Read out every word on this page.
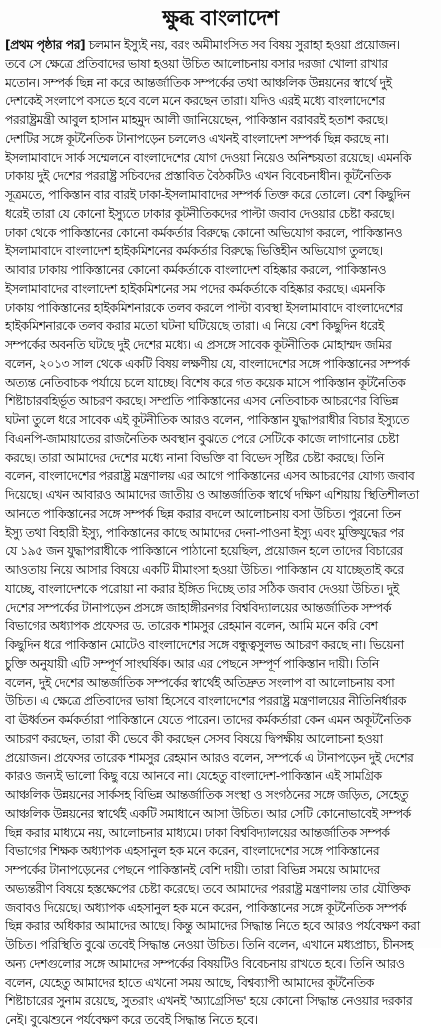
ক্ষুব্ধ বাংলাদেশ
[প্রথম পৃষ্ঠার পর] চলমান ইস্যুই নয়, বরং অমীমাংসিত সব বিষয় সুরাহা হওয়া প্রয়োজন।
তবে সে ক্ষেত্রে প্রতিবাদের ভাষা হওয়া উচিত আলোচনায় বসার দরজা খোলা রাখার
মতোন। সম্পর্ক ছিন্ন না করে আন্তর্জাতিক সম্পর্কের তথা আঞ্চলিক উন্নয়নের স্বার্থে দুই
দেশকেই সংলাপে বসতে হবে বলে মনে করছেন তারা। যদিও এরই মধ্যে বাংলাদেশের
পররাষ্ট্রমন্ত্রী আবুল হাসান মাহমুদ আলী জানিয়েছেন, পাকিস্তান বরাবরই হতাশ করছে।
দেশটির সঙ্গে কূটনৈতিক টানাপড়েন চললেও এখনই বাংলাদেশ সম্পর্ক ছিন্ন করছে না।
ইসলামাবাদে সার্ক সম্মেলনে বাংলাদেশের যোগ দেওয়া নিয়েও অনিশ্চয়তা রয়েছে। এমনকি
ঢাকায় দুই দেশের পররাষ্ট্র সচিবদের প্রস্তাবিত বৈঠকটিও এখন বিবেচনাধীন। কূটনৈতিক
সূত্রমতে, পাকিস্তান বার বারই ঢাকা-ইসলামাবাদের সম্পর্ক তিক্ত করে তোলে। বেশ কিছুদিন
ধরেই তারা যে কোনো ইস্যুতে ঢাকার কূটনীতিকদের পাল্টা জবাব দেওয়ার চেষ্টা করছে।
ঢাকা থেকে পাকিস্তানের কোনো কর্মকর্তার বিরুদ্ধে কোনো অভিযোগ করলে, পাকিস্তানও
ইসলামাবাদে বাংলাদেশ হাইকমিশনের কর্মকর্তার বিরুদ্ধে ভিত্তিহীন অভিযোগ তুলছে।
আবার ঢাকায় পাকিস্তানের কোনো কর্মকর্তাকে বাংলাদেশ বহিষ্কার করলে, পাকিস্তানও
ইসলামাবাদের বাংলাদেশ হাইকমিশনের সম পদের কর্মকর্তাকে বহিষ্কার করছে। এমনকি
ঢাকায় পাকিস্তানের হাইকমিশনারকে তলব করলে পাল্টা ব্যবস্থা ইসলামাবাদে বাংলাদেশের
হাইকমিশনারকে তলব করার মতো ঘটনা ঘটিয়েছে তারা। এ নিয়ে বেশ কিছুদিন ধরেই
সম্পর্কের অবনতি ঘটছে দুই দেশের মধ্যে। এ প্রসঙ্গে সাবেক কূটনীতিক মোহাম্মদ জমির
বলেন, ২০১৩ সাল থেকে একটি বিষয় লক্ষণীয় যে, বাংলাদেশের সঙ্গে পাকিস্তানের সম্পর্ক
অত্যন্ত নেতিবাচক পর্যায়ে চলে যাচ্ছে। বিশেষ করে গত কয়েক মাসে পাকিস্তান কূটনৈতিক
শিষ্টাচারবহির্ভূত আচরণ করছে। সম্প্রতি পাকিস্তানের এসব নেতিবাচক আচরণের বিভিন্ন
ঘটনা তুলে ধরে সাবেক এই কূটনীতিক আরও বলেন, পাকিস্তান যুদ্ধাপরাধীর বিচার ইস্যুতে
বিএনপি-জামায়াতের রাজনৈতিক অবস্থান বুঝতে পেরে সেটিকে কাজে লাগানোর চেষ্টা
করছে। তারা আমাদের দেশের মধ্যে নানা বিভক্তি বা বিভেদ সৃষ্টির চেষ্টা করছে। তিনি
বলেন, বাংলাদেশের পররাষ্ট্র মন্ত্রণালয় এর আগে পাকিস্তানের এসব আচরণের যোগ্য জবাব
দিয়েছে। এখন আবারও আমাদের জাতীয় ও আন্তর্জাতিক স্বার্থে দক্ষিণ এশিয়ায় স্থিতিশীলতা
আনতে পাকিস্তানের সঙ্গে সম্পর্ক ছিন্ন করার বদলে আলোচনায় বসা উচিত। পুরনো তিন
ইস্যু তথা বিহারী ইস্যু, পাকিস্তানের কাছে আমাদের দেনা-পাওনা ইস্যু এবং মুক্তিযুদ্ধের পর
যে ১৯৫ জন যুদ্ধাপরাধীকে পাকিস্তানে পাঠানো হয়েছিল, প্রয়োজন হলে তাদের বিচারের
আওতায় নিয়ে আসার বিষয়ে একটি মীমাংসা হওয়া উচিত। পাকিস্তান যে যাচ্ছেতাই করে
যাচ্ছে, বাংলাদেশকে পরোয়া না করার ইঙ্গিত দিচ্ছে তার সঠিক জবাব দেওয়া উচিত। দুই
দেশের সম্পর্কের টানাপড়েন প্রসঙ্গে জাহাঙ্গীরনগর বিশ্ববিদ্যালয়ের আন্তর্জাতিক সম্পর্ক
বিভাগের অধ্যাপক প্রফেসর ড. তারেক শামসুর রেহমান বলেন, আমি মনে করি বেশ
কিছুদিন ধরে পাকিস্তান মোটেও বাংলাদেশের সঙ্গে বন্ধুত্বসুলভ আচরণ করছে না। ভিয়েনা
চুক্তি অনুযায়ী এটি সম্পূর্ণ সাংঘর্ষিক। আর এর পেছনে সম্পূর্ণ পাকিস্তান দায়ী। তিনি
বলেন, দুই দেশের আন্তর্জাতিক সম্পর্কের স্বার্থেই অতিদ্রুত সংলাপ বা আলোচনায় বসা
উচিত। এ ক্ষেত্রে প্রতিবাদের ভাষা হিসেবে বাংলাদেশের পররাষ্ট্র মন্ত্রণালয়ের নীতিনির্ধারক
বা ঊর্ধ্বতন কর্মকর্তারা পাকিস্তানে যেতে পারেন। তাদের কর্মকর্তারা কেন এমন অকূটনৈতিক
আচরণ করছেন, তারা কী ভেবে কী করছেন সেসব বিষয়ে দ্বিপক্ষীয় আলোচনা হওয়া
প্রয়োজন। প্রফেসর তারেক শামসুর রেহমান আরও বলেন, সম্পর্কে এ টানাপড়েন দুই দেশের
কারও জন্যই ভালো কিছু বয়ে আনবে না। যেহেতু বাংলাদেশ-পাকিস্তান এই সামগ্রিক
আঞ্চলিক উন্নয়নের সার্কসহ বিভিন্ন আন্তর্জাতিক সংস্থা ও সংগঠনের সঙ্গে জড়িত, সেহেতু
আঞ্চলিক উন্নয়নের স্বার্থেই একটি সমাধানে আসা উচিত। আর সেটি কোনোভাবেই সম্পর্ক
ছিন্ন করার মাধ্যমে নয়, আলোচনার মাধ্যমে। ঢাকা বিশ্ববিদ্যালয়ের আন্তর্জাতিক সম্পর্ক
বিভাগের শিক্ষক অধ্যাপক এহসানুল হক মনে করেন, বাংলাদেশের সঙ্গে পাকিস্তানের
সম্পর্কের টানাপড়েনের পেছনে পাকিস্তানই বেশি দায়ী। তারা বিভিন্ন সময়ে আমাদের
অভ্যন্তরীণ বিষয়ে হস্তক্ষেপের চেষ্টা করেছে। তবে আমাদের পররাষ্ট্র মন্ত্রণালয় তার যৌক্তিক
জবাবও দিয়েছে। অধ্যাপক এহসানুল হক মনে করেন, পাকিস্তানের সঙ্গে কূটনৈতিক সম্পর্ক
ছিন্ন করার অধিকার আমাদের আছে। কিন্তু আমাদের সিদ্ধান্ত নিতে হবে আরও পর্যবেক্ষণ করা
উচিত। পরিস্থিতি বুঝে তবেই সিদ্ধান্ত নেওয়া উচিত। তিনি বলেন, এখানে মধ্যপ্রাচ্য, চীনসহ
অন্য দেশগুলোর সঙ্গে আমাদের সম্পর্কের বিষয়টিও বিবেচনায় রাখতে হবে। তিনি আরও
বলেন, যেহেতু আমাদের হাতে এখনো সময় আছে, বিশ্বব্যাপী আমাদের কূটনৈতিক
শিষ্টাচারের সুনাম রয়েছে, সুতরাং এখনই 'অ্যাগ্রেসিভ' হয়ে কোনো সিদ্ধান্ত নেওয়ার দরকার
নেই। বুঝেশুনে পর্যবেক্ষণ করে তবেই সিদ্ধান্ত নিতে হবে।
